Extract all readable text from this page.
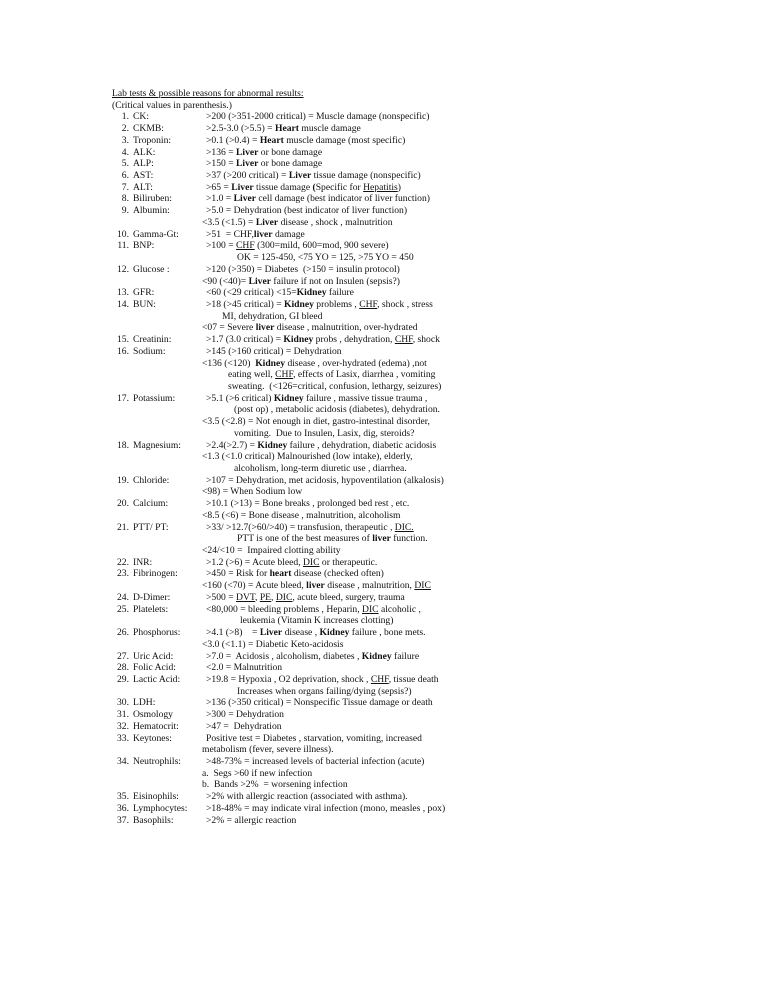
Lab tests & possible reasons for abnormal results:
(Critical values in parenthesis.)
1. CK:	>200 (>351-2000 critical) = Muscle damage (nonspecific)
2. CKMB:	>2.5-3.0 (>5.5) = Heart muscle damage
3. Troponin:	>0.1 (>0.4) = Heart muscle damage (most specific)
4. ALK:	>136 = Liver or bone damage
5. ALP:	>150 = Liver or bone damage
6. AST:	>37 (>200 critical) = Liver tissue damage (nonspecific)
7. ALT:	>65 = Liver tissue damage (Specific for Hepatitis)
8. Biliruben:	>1.0 = Liver cell damage (best indicator of liver function)
9. Albumin:	>5.0 = Dehydration (best indicator of liver function)
<3.5 (<1.5) = Liver disease , shock , malnutrition
10. Gamma-Gt:	>51  = CHF,liver damage
11. BNP:	>100 = CHF (300=mild, 600=mod, 900 severe)
OK = 125-450, <75 YO = 125, >75 YO = 450
12. Glucose :	>120 (>350) = Diabetes  (>150 = insulin protocol)
<90 (<40)= Liver failure if not on Insulen (sepsis?)
13. GFR:	<60 (<29 critical) <15=Kidney failure
14. BUN:	>18 (>45 critical) = Kidney problems , CHF, shock , stress
MI, dehydration, GI bleed
<07 = Severe liver disease , malnutrition, over-hydrated
15. Creatinin:	>1.7 (3.0 critical) = Kidney probs , dehydration, CHF, shock
16. Sodium:	>145 (>160 critical) = Dehydration
<136 (<120)  Kidney disease , over-hydrated (edema) ,not
eating well, CHF, effects of Lasix, diarrhea , vomiting
sweating.  (<126=critical, confusion, lethargy, seizures)
17. Potassium:	>5.1 (>6 critical) Kidney failure , massive tissue trauma ,
(post op) , metabolic acidosis (diabetes), dehydration.
<3.5 (<2.8) = Not enough in diet, gastro-intestinal disorder,
vomiting.  Due to Insulen, Lasix, dig, steroids?
18. Magnesium:	>2.4(>2.7) = Kidney failure , dehydration, diabetic acidosis
<1.3 (<1.0 critical) Malnourished (low intake), elderly,
alcoholism, long-term diuretic use , diarrhea.
19. Chloride:	>107 = Dehydration, met acidosis, hypoventilation (alkalosis)
<98) = When Sodium low
20. Calcium:	>10.1 (>13) = Bone breaks , prolonged bed rest , etc.
<8.5 (<6) = Bone disease , malnutrition, alcoholism
21. PTT/ PT:	>33/ >12.7(>60/>40) = transfusion, therapeutic , DIC.
PTT is one of the best measures of liver function.
<24/<10 =  Impaired clotting ability
22. INR:	>1.2 (>6) = Acute bleed, DIC or therapeutic.
23. Fibrinogen:	>450 = Risk for heart disease (checked often)
<160 (<70) = Acute bleed, liver disease , malnutrition, DIC
24. D-Dimer:	>500 = DVT, PE, DIC, acute bleed, surgery, trauma
25. Platelets:	<80,000 = bleeding problems , Heparin, DIC alcoholic ,
leukemia (Vitamin K increases clotting)
26. Phosphorus:	>4.1 (>8)    = Liver disease , Kidney failure , bone mets.
<3.0 (<1.1) = Diabetic Keto-acidosis
27. Uric Acid:	>7.0 =  Acidosis , alcoholism, diabetes , Kidney failure
28. Folic Acid:	<2.0 = Malnutrition
29. Lactic Acid:	>19.8 = Hypoxia , O2 deprivation, shock , CHF, tissue death
Increases when organs failing/dying (sepsis?)
30. LDH:	>136 (>350 critical) = Nonspecific Tissue damage or death
31. Osmology	>300 = Dehydration
32. Hematocrit:	>47 =  Dehydration
33. Keytones:	Positive test = Diabetes , starvation, vomiting, increased
metabolism (fever, severe illness).
34. Neutrophils:	>48-73% = increased levels of bacterial infection (acute)
a.  Segs >60 if new infection
b.  Bands >2%  = worsening infection
35. Eisinophils:	>2% with allergic reaction (associated with asthma).
36. Lymphocytes:	>18-48% = may indicate viral infection (mono, measles , pox)
37. Basophils:	>2% = allergic reaction
